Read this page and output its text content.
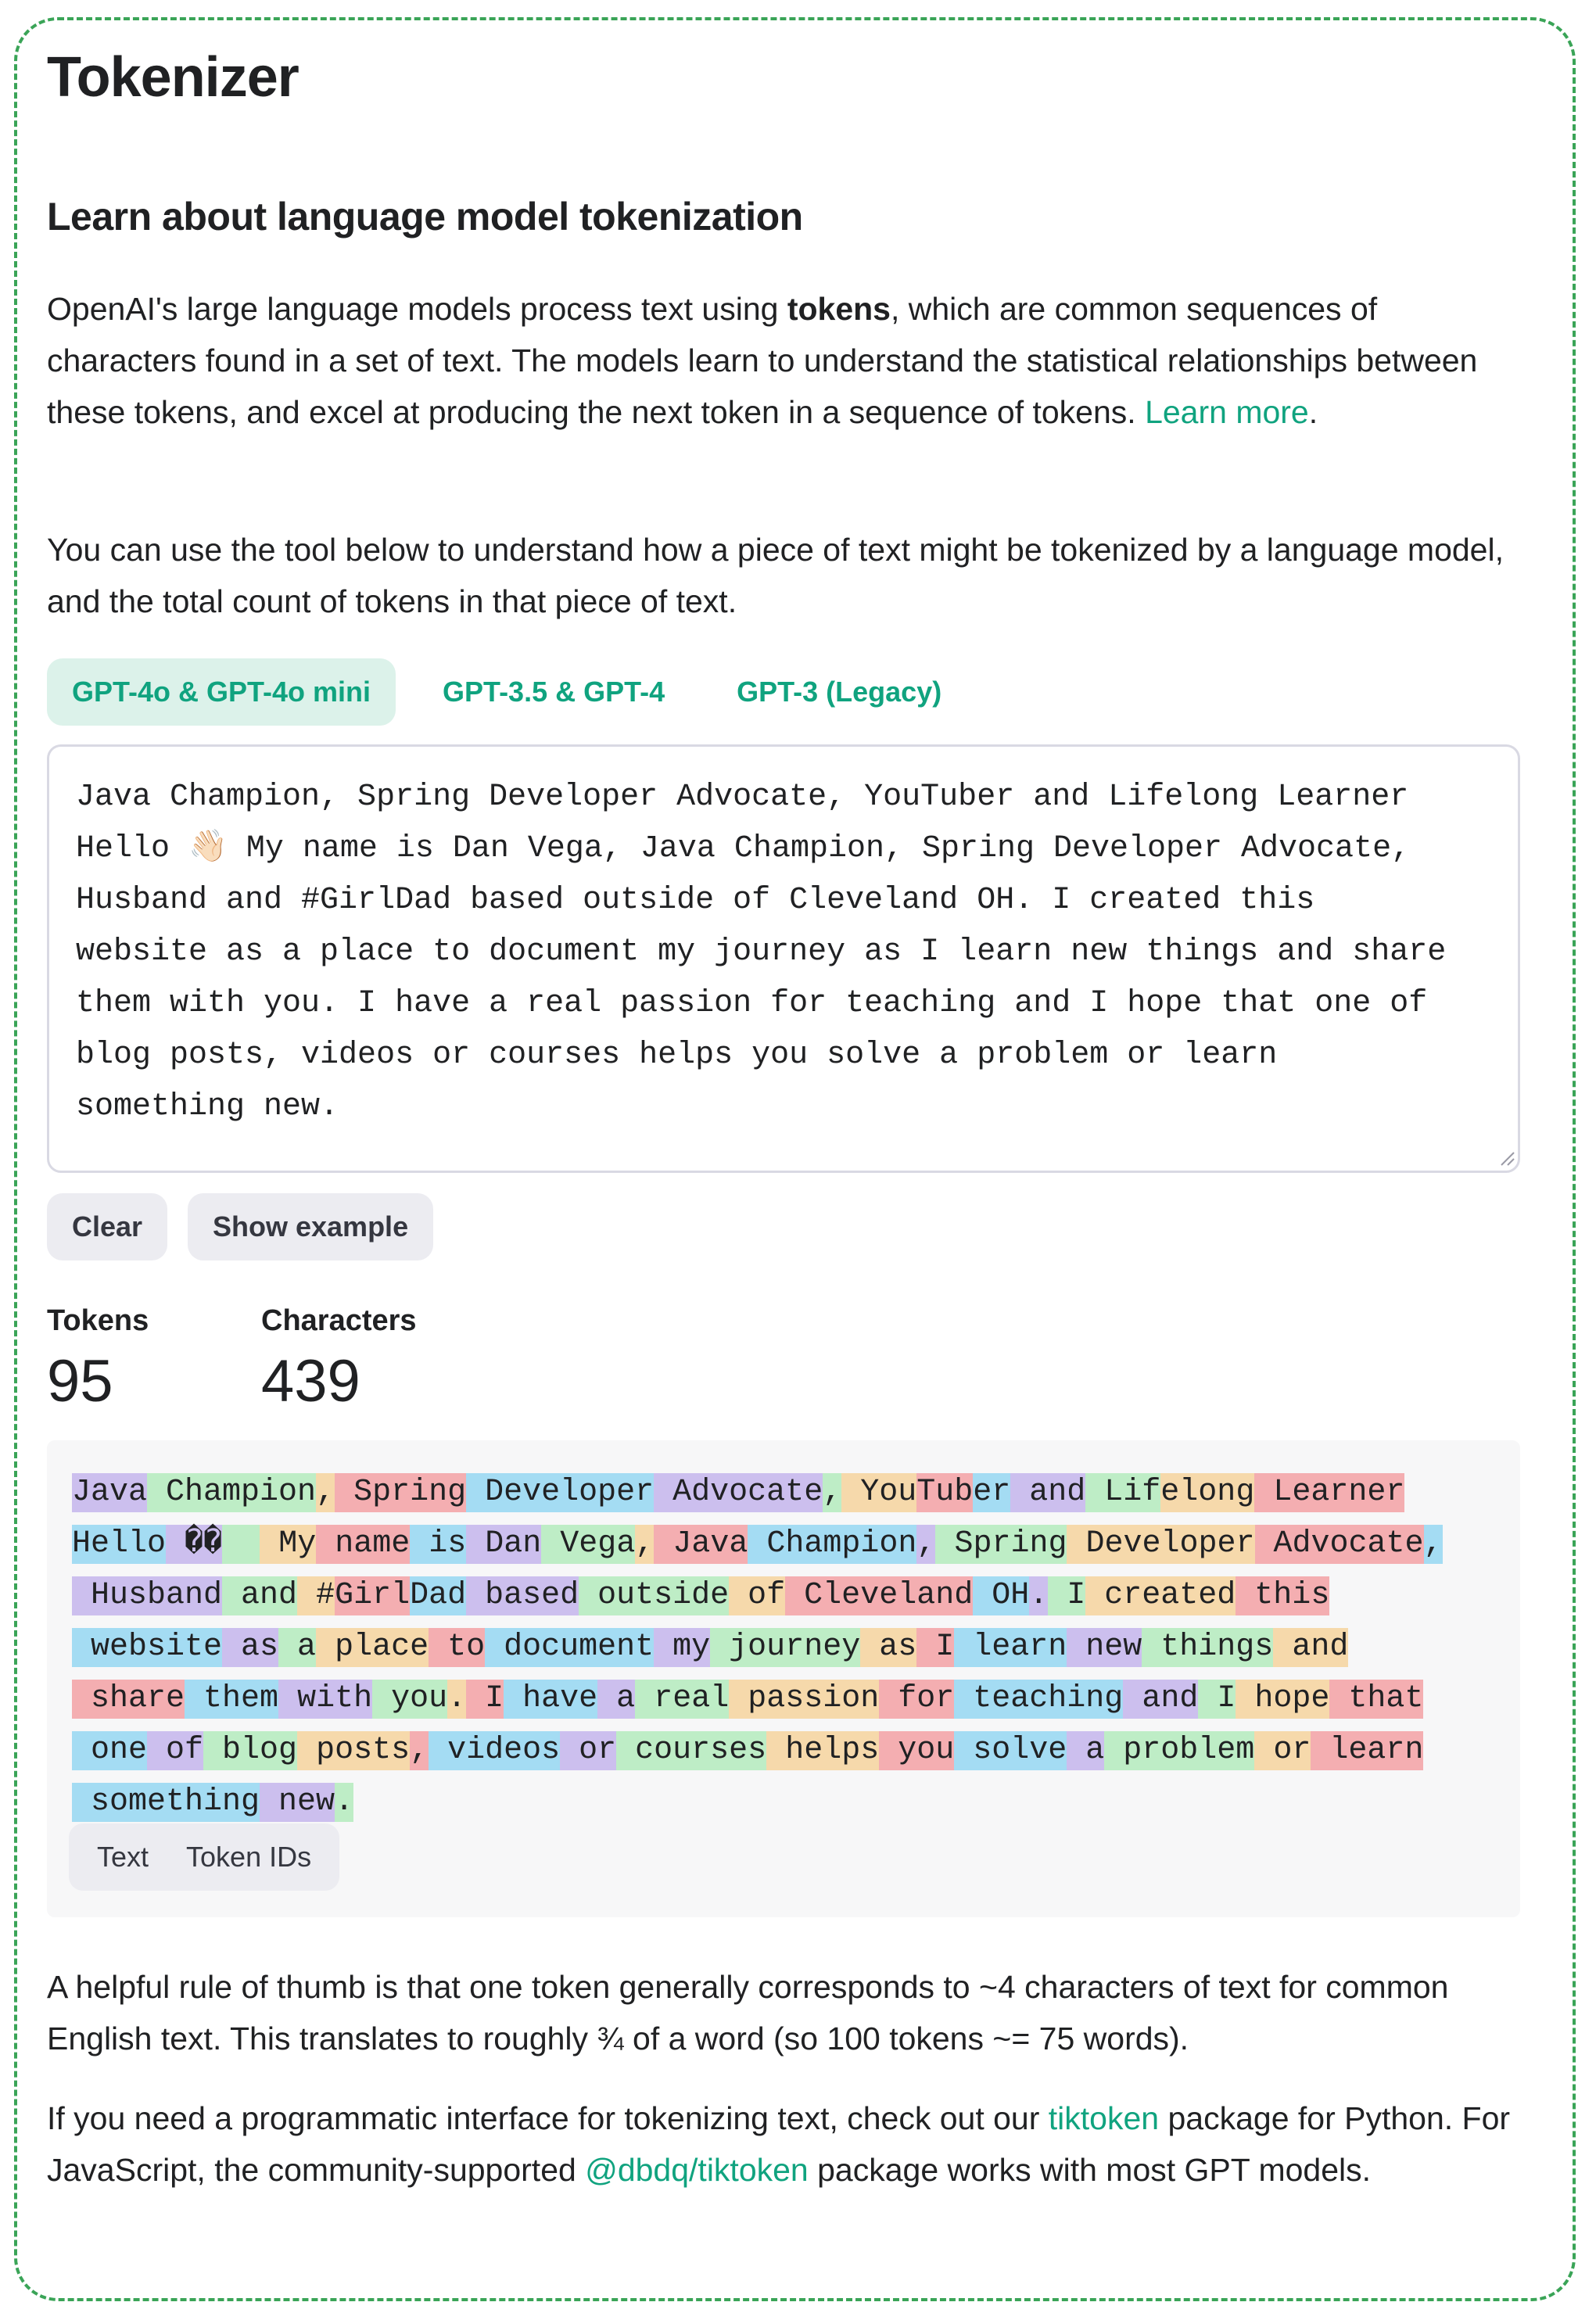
Tokenizer
Learn about language model tokenization

OpenAI's large language models process text using tokens, which are common sequences of characters found in a set of text. The models learn to understand the statistical relationships between these tokens, and excel at producing the next token in a sequence of tokens. Learn more.

You can use the tool below to understand how a piece of text might be tokenized by a language model, and the total count of tokens in that piece of text.

GPT-4o & GPT-4o mini	GPT-3.5 & GPT-4	GPT-3 (Legacy)
Java Champion, Spring Developer Advocate, YouTuber and Lifelong Learner
Hello 👋🏻 My name is Dan Vega, Java Champion, Spring Developer Advocate,
Husband and #GirlDad based outside of Cleveland OH. I created this
website as a place to document my journey as I learn new things and share
them with you. I have a real passion for teaching and I hope that one of
blog posts, videos or courses helps you solve a problem or learn
something new.
Clear	Show example
Tokens
95
Characters
439
Java Champion , Spring Developer Advocate , You Tub er and Lif elong Learner
Hello ��
My name is Dan Vega , Java Champion , Spring Developer Advocate ,
Husband and # Girl Dad based outside of Cleveland OH . I created this
website as a place to document my journey as I learn new things and
share them with you . I have a real passion for teaching and I hope that
one of blog posts , videos or courses helps you solve a problem or learn
something new .
Text	Token IDs

A helpful rule of thumb is that one token generally corresponds to ~4 characters of text for common English text. This translates to roughly ¾ of a word (so 100 tokens ~= 75 words).

If you need a programmatic interface for tokenizing text, check out our tiktoken package for Python. For JavaScript, the community-supported @dbdq/tiktoken package works with most GPT models.
